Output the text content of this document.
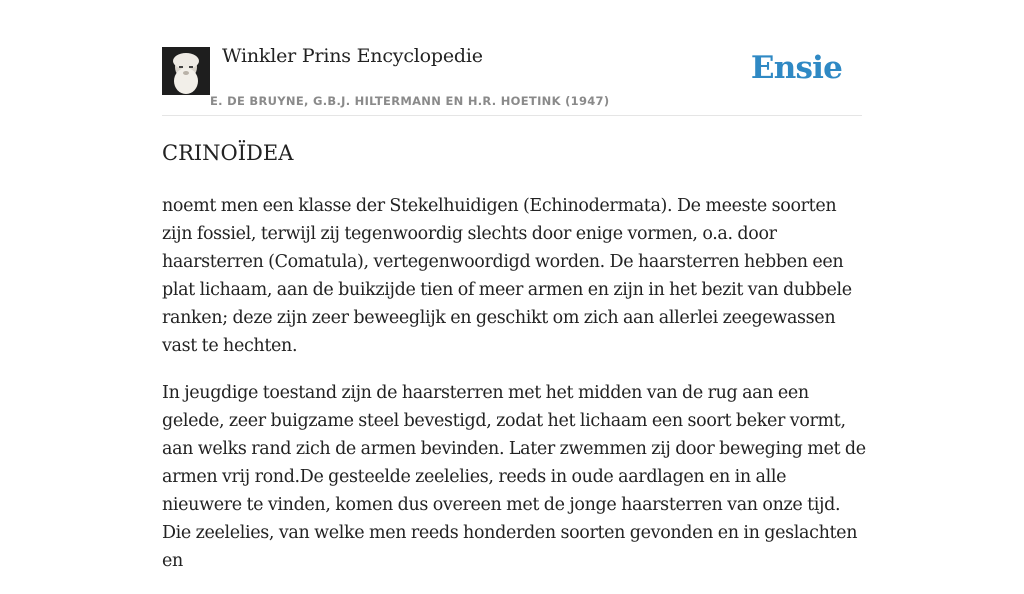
Winkler Prins Encyclopedie
E. DE BRUYNE, G.B.J. HILTERMANN EN H.R. HOETINK (1947)
Ensie
CRINOÏDEA

noemt men een klasse der Stekelhuidigen (Echinodermata). De meeste soorten zijn fossiel, terwijl zij tegenwoordig slechts door enige vormen, o.a. door haarsterren (Comatula), vertegenwoordigd worden. De haarsterren hebben een plat lichaam, aan de buikzijde tien of meer armen en zijn in het bezit van dubbele ranken; deze zijn zeer beweeglijk en geschikt om zich aan allerlei zeegewassen vast te hechten.

In jeugdige toestand zijn de haarsterren met het midden van de rug aan een gelede, zeer buigzame steel bevestigd, zodat het lichaam een soort beker vormt, aan welks rand zich de armen bevinden. Later zwemmen zij door beweging met de armen vrij rond.De gesteelde zeelelies, reeds in oude aardlagen en in alle nieuwere te vinden, komen dus overeen met de jonge haarsterren van onze tijd. Die zeelelies, van welke men reeds honderden soorten gevonden en in geslachten en
